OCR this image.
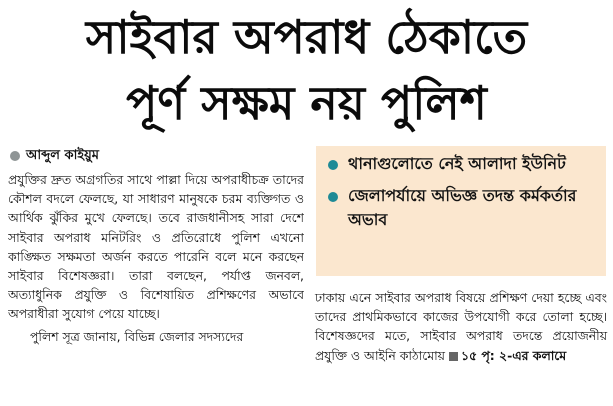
সাইবার অপরাধ ঠেকাতে
পূর্ণ সক্ষম নয় পুলিশ
আব্দুল কাইয়ুম

প্রযুক্তির দ্রুত অগ্রগতির সাথে পাল্লা দিয়ে অপরাধীচক্র তাদের কৌশল বদলে ফেলছে, যা সাধারণ মানুষকে চরম ব্যক্তিগত ও আর্থিক ঝুঁকির মুখে ফেলছে। তবে রাজধানীসহ সারা দেশে সাইবার অপরাধ মনিটরিং ও প্রতিরোধে পুলিশ এখনো কাঙ্ক্ষিত সক্ষমতা অর্জন করতে পারেনি বলে মনে করছেন সাইবার বিশেষজ্ঞরা। তারা বলছেন, পর্যাপ্ত জনবল, অত্যাধুনিক প্রযুক্তি ও বিশেষায়িত প্রশিক্ষণের অভাবে অপরাধীরা সুযোগ পেয়ে যাচ্ছে।

পুলিশ সূত্র জানায়, বিভিন্ন জেলার সদস্যদের

থানাগুলোতে নেই আলাদা ইউনিট
জেলাপর্যায়ে অভিজ্ঞ তদন্ত কর্মকর্তার অভাব

ঢাকায় এনে সাইবার অপরাধ বিষয়ে প্রশিক্ষণ দেয়া হচ্ছে এবং তাদের প্রাথমিকভাবে কাজের উপযোগী করে তোলা হচ্ছে। বিশেষজ্ঞদের মতে, সাইবার অপরাধ তদন্তে প্রয়োজনীয় প্রযুক্তি ও আইনি কাঠামোয় ১৫ পৃ: ২-এর কলামে
